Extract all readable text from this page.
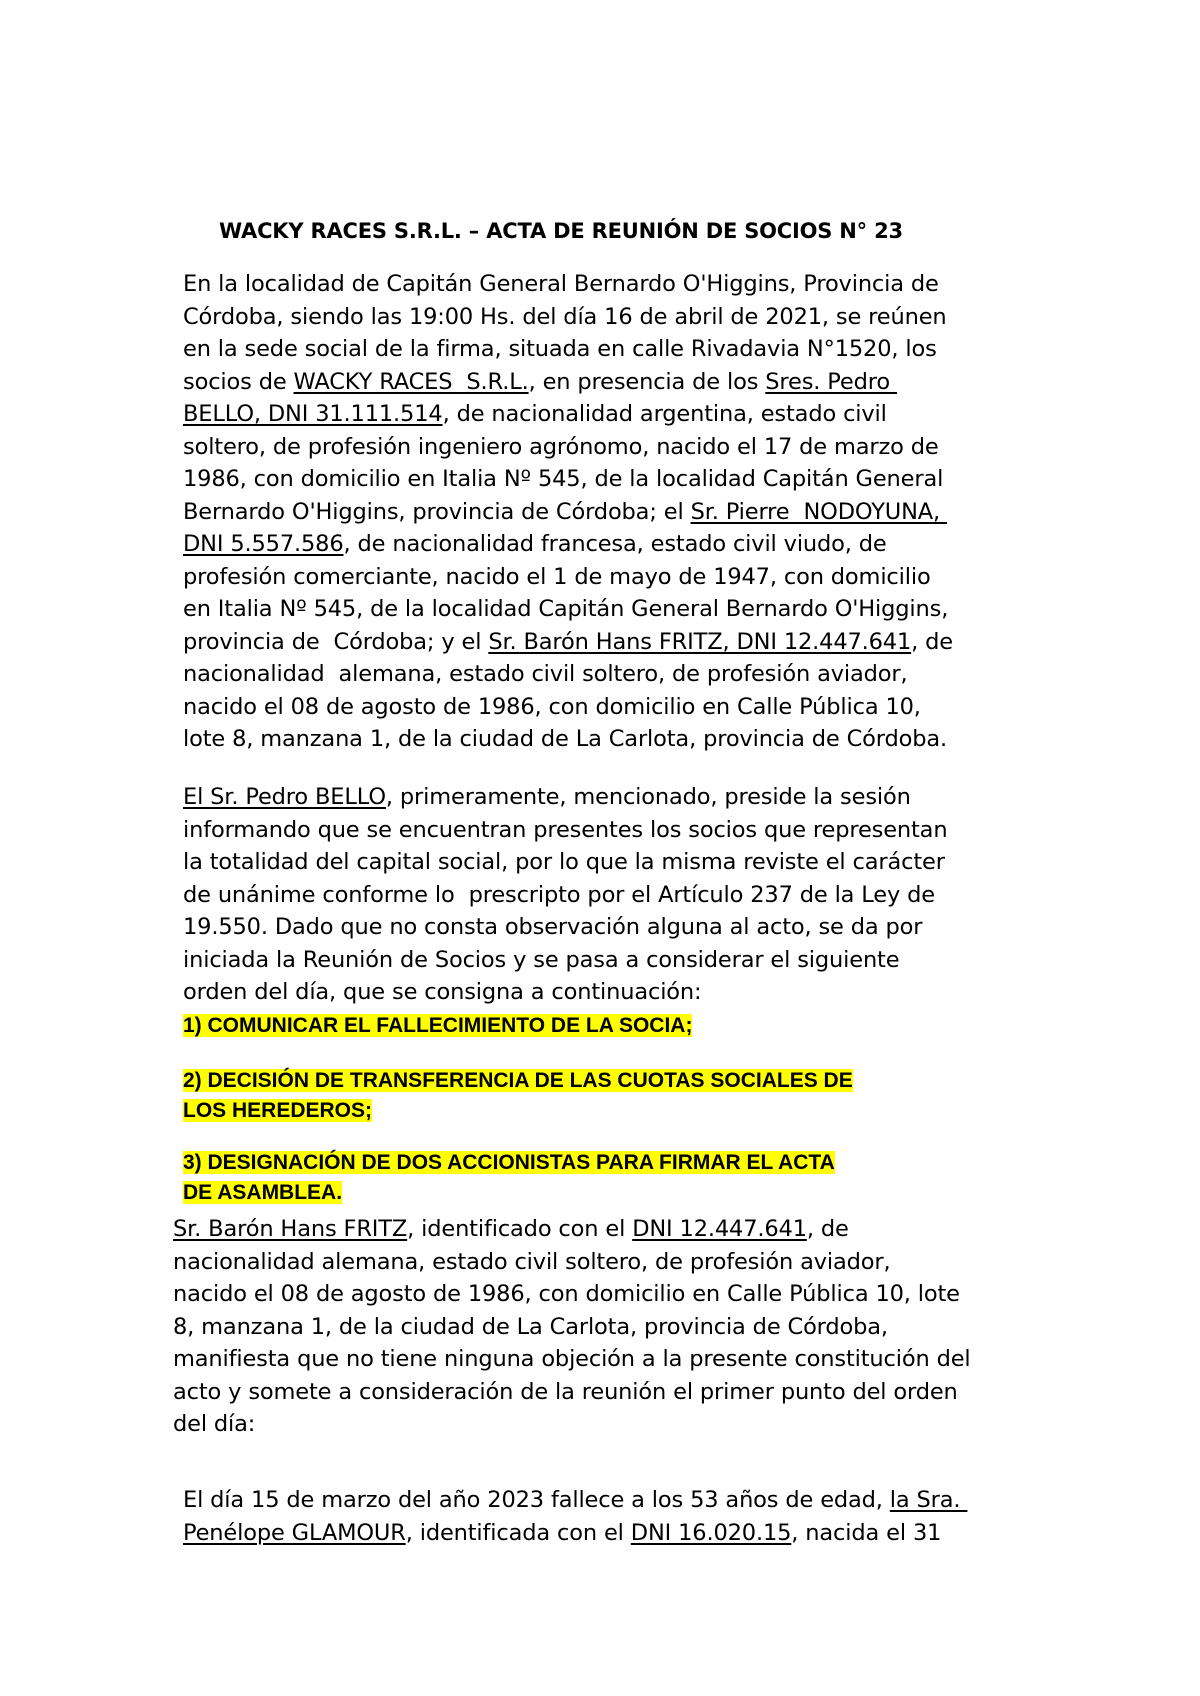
WACKY RACES S.R.L. – ACTA DE REUNIÓN DE SOCIOS N° 23
En la localidad de Capitán General Bernardo O'Higgins, Provincia de
Córdoba, siendo las 19:00 Hs. del día 16 de abril de 2021, se reúnen
en la sede social de la firma, situada en calle Rivadavia N°1520, los
socios de WACKY RACES  S.R.L., en presencia de los Sres. Pedro
BELLO, DNI 31.111.514, de nacionalidad argentina, estado civil
soltero, de profesión ingeniero agrónomo, nacido el 17 de marzo de
1986, con domicilio en Italia Nº 545, de la localidad Capitán General
Bernardo O'Higgins, provincia de Córdoba; el Sr. Pierre  NODOYUNA,
DNI 5.557.586, de nacionalidad francesa, estado civil viudo, de
profesión comerciante, nacido el 1 de mayo de 1947, con domicilio
en Italia Nº 545, de la localidad Capitán General Bernardo O'Higgins,
provincia de  Córdoba; y el Sr. Barón Hans FRITZ, DNI 12.447.641, de
nacionalidad  alemana, estado civil soltero, de profesión aviador,
nacido el 08 de agosto de 1986, con domicilio en Calle Pública 10,
lote 8, manzana 1, de la ciudad de La Carlota, provincia de Córdoba.
El Sr. Pedro BELLO, primeramente, mencionado, preside la sesión
informando que se encuentran presentes los socios que representan
la totalidad del capital social, por lo que la misma reviste el carácter
de unánime conforme lo  prescripto por el Artículo 237 de la Ley de
19.550. Dado que no consta observación alguna al acto, se da por
iniciada la Reunión de Socios y se pasa a considerar el siguiente
orden del día, que se consigna a continuación:
1) COMUNICAR EL FALLECIMIENTO DE LA SOCIA;
2) DECISIÓN DE TRANSFERENCIA DE LAS CUOTAS SOCIALES DE
LOS HEREDEROS;
3) DESIGNACIÓN DE DOS ACCIONISTAS PARA FIRMAR EL ACTA
DE ASAMBLEA.
Sr. Barón Hans FRITZ, identificado con el DNI 12.447.641, de
nacionalidad alemana, estado civil soltero, de profesión aviador,
nacido el 08 de agosto de 1986, con domicilio en Calle Pública 10, lote
8, manzana 1, de la ciudad de La Carlota, provincia de Córdoba,
manifiesta que no tiene ninguna objeción a la presente constitución del
acto y somete a consideración de la reunión el primer punto del orden
del día:
El día 15 de marzo del año 2023 fallece a los 53 años de edad, la Sra.
Penélope GLAMOUR, identificada con el DNI 16.020.15, nacida el 31
